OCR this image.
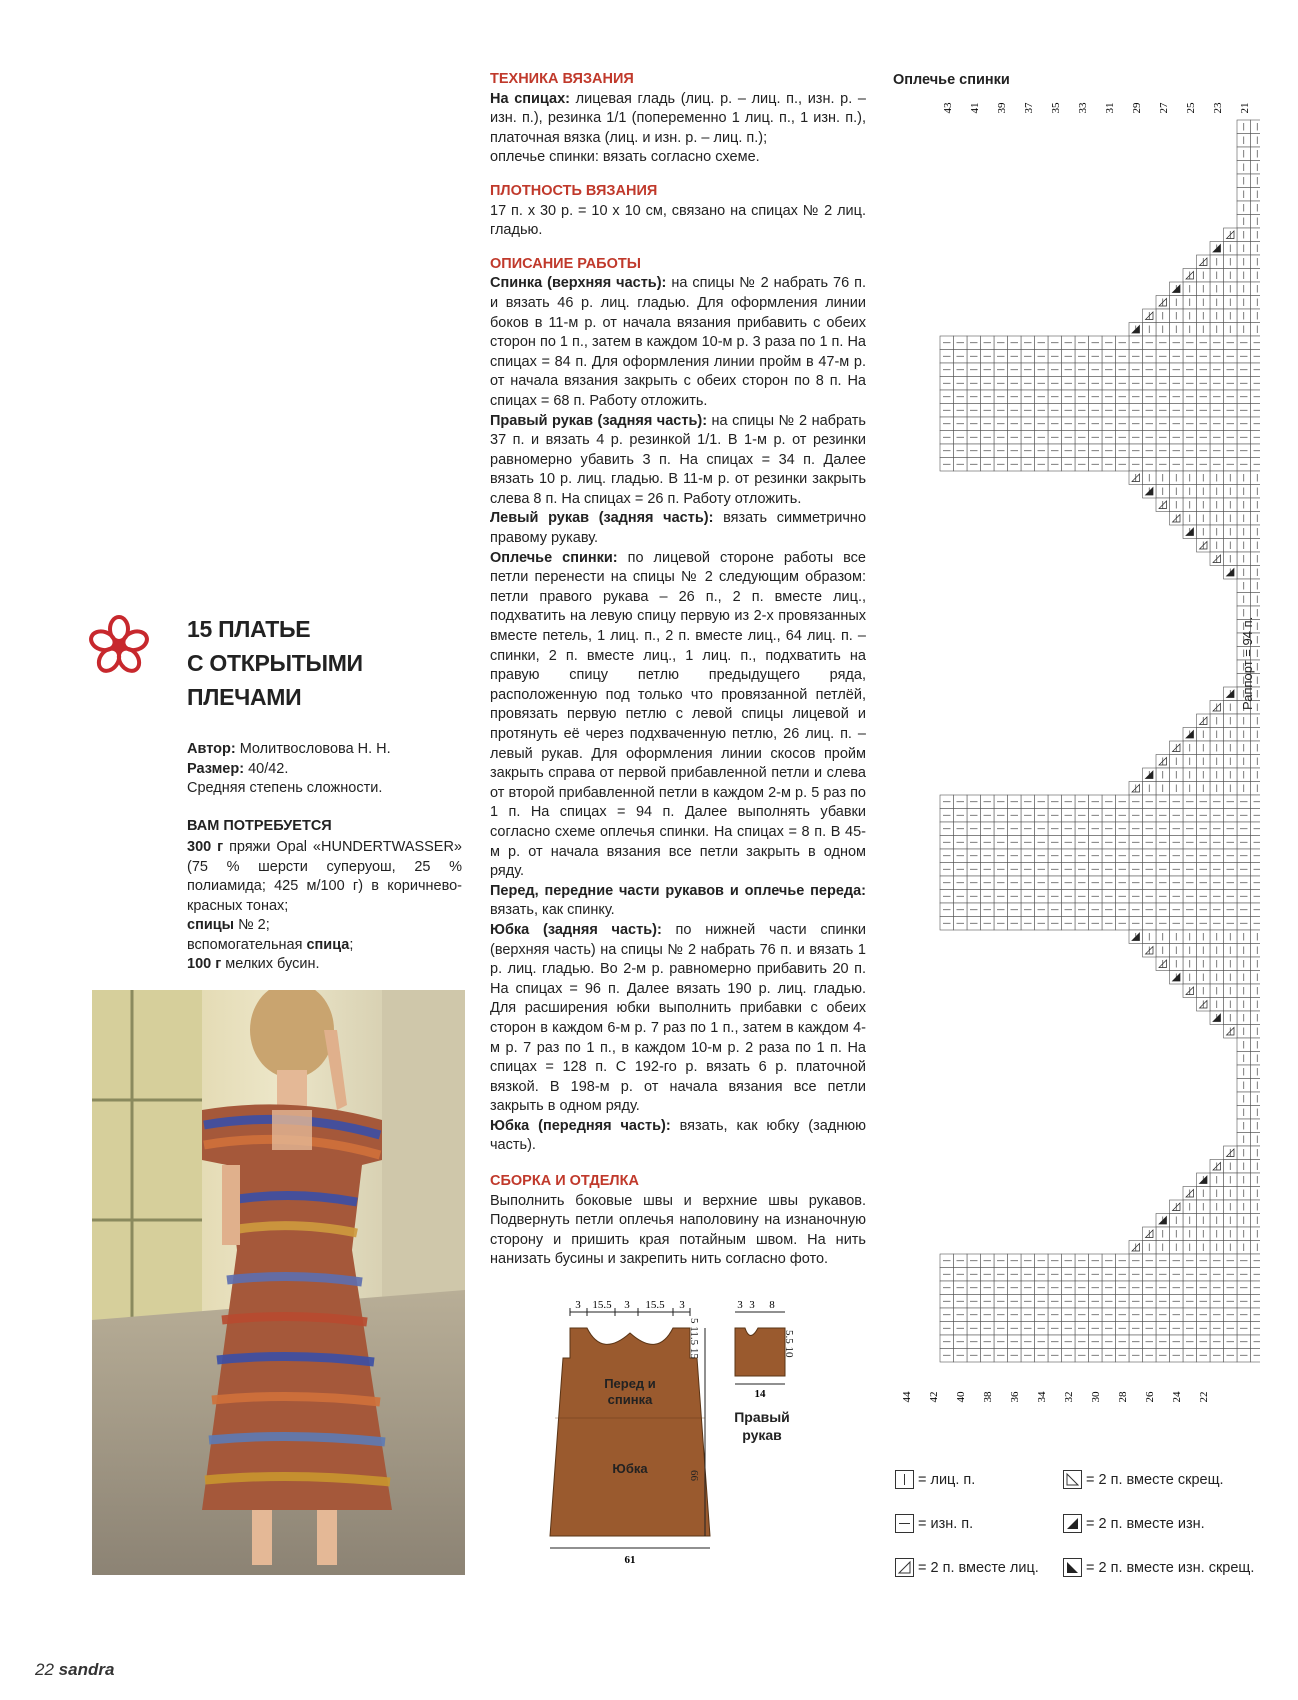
15 ПЛАТЬЕ
С ОТКРЫТЫМИ
ПЛЕЧАМИ
Автор: Молитвословова Н. Н.
Размер: 40/42.
Средняя степень сложности.
ВАМ ПОТРЕБУЕТСЯ

300 г пряжи Opal «HUNDERTWASSER» (75 % шерсти суперуош, 25 % полиамида; 425 м/100 г) в коричнево-красных тонах;

спицы № 2;

вспомогательная спица;

100 г мелких бусин.

ТЕХНИКА ВЯЗАНИЯ

На спицах: лицевая гладь (лиц. р. – лиц. п., изн. р. – изн. п.), резинка 1/1 (попеременно 1 лиц. п., 1 изн. п.), платочная вязка (лиц. и изн. р. – лиц. п.);

оплечье спинки: вязать согласно схеме.

ПЛОТНОСТЬ ВЯЗАНИЯ

17 п. х 30 р. = 10 х 10 см, связано на спицах № 2 лиц. гладью.

ОПИСАНИЕ РАБОТЫ

Спинка (верхняя часть): на спицы № 2 набрать 76 п. и вязать 46 р. лиц. гладью. Для оформления линии боков в 11-м р. от начала вязания прибавить с обеих сторон по 1 п., затем в каждом 10-м р. 3 раза по 1 п. На спицах = 84 п. Для оформления линии пройм в 47-м р. от начала вязания закрыть с обеих сторон по 8 п. На спицах = 68 п. Работу отложить.

Правый рукав (задняя часть): на спицы № 2 набрать 37 п. и вязать 4 р. резинкой 1/1. В 1-м р. от резинки равномерно убавить 3 п. На спицах = 34 п. Далее вязать 10 р. лиц. гладью. В 11-м р. от резинки закрыть слева 8 п. На спицах = 26 п. Работу отложить.

Левый рукав (задняя часть): вязать симметрично правому рукаву.

Оплечье спинки: по лицевой стороне работы все петли перенести на спицы № 2 следующим образом: петли правого рукава – 26 п., 2 п. вместе лиц., подхватить на левую спицу первую из 2-х провязанных вместе петель, 1 лиц. п., 2 п. вместе лиц., 64 лиц. п. – спинки, 2 п. вместе лиц., 1 лиц. п., подхватить на правую спицу петлю предыдущего ряда, расположенную под только что провязанной петлёй, провязать первую петлю с левой спицы лицевой и протянуть её через подхваченную петлю, 26 лиц. п. – левый рукав. Для оформления линии скосов пройм закрыть справа от первой прибавленной петли и слева от второй прибавленной петли в каждом 2-м р. 5 раз по 1 п. На спицах = 94 п. Далее выполнять убавки согласно схеме оплечья спинки. На спицах = 8 п. В 45-м р. от начала вязания все петли закрыть в одном ряду.

Перед, передние части рукавов и оплечье переда: вязать, как спинку.

Юбка (задняя часть): по нижней части спинки (верхняя часть) на спицы № 2 набрать 76 п. и вязать 1 р. лиц. гладью. Во 2-м р. равномерно прибавить 20 п. На спицах = 96 п. Далее вязать 190 р. лиц. гладью. Для расширения юбки выполнить прибавки с обеих сторон в каждом 6-м р. 7 раз по 1 п., затем в каждом 4-м р. 7 раз по 1 п., в каждом 10-м р. 2 раза по 1 п. На спицах = 128 п. С 192-го р. вязать 6 р. платочной вязкой. В 198-м р. от начала вязания все петли закрыть в одном ряду.

Юбка (передняя часть): вязать, как юбку (заднюю часть).

СБОРКА И ОТДЕЛКА

Выполнить боковые швы и верхние швы рукавов. Подвернуть петли оплечья наполовину на изнаночную сторону и пришить края потайным швом. На нить нанизать бусины и закрепить нить согласно фото.

3 15.5 3 15.5 3
Перед и
спинка
Юбка
61
5 11.5 15
66
3 3 8
14
5.5 10
Правый
рукав
Оплечье спинки
43 41 39 37 35 33 31 29 27 25 23 21
44 42 40 38 36 34 32 30 28 26 24 22
Раппорт = 94 п.
= лиц. п.
= изн. п.
= 2 п. вместе лиц.
= 2 п. вместе скрещ.
= 2 п. вместе изн.
= 2 п. вместе изн. скрещ.
22 sandra
